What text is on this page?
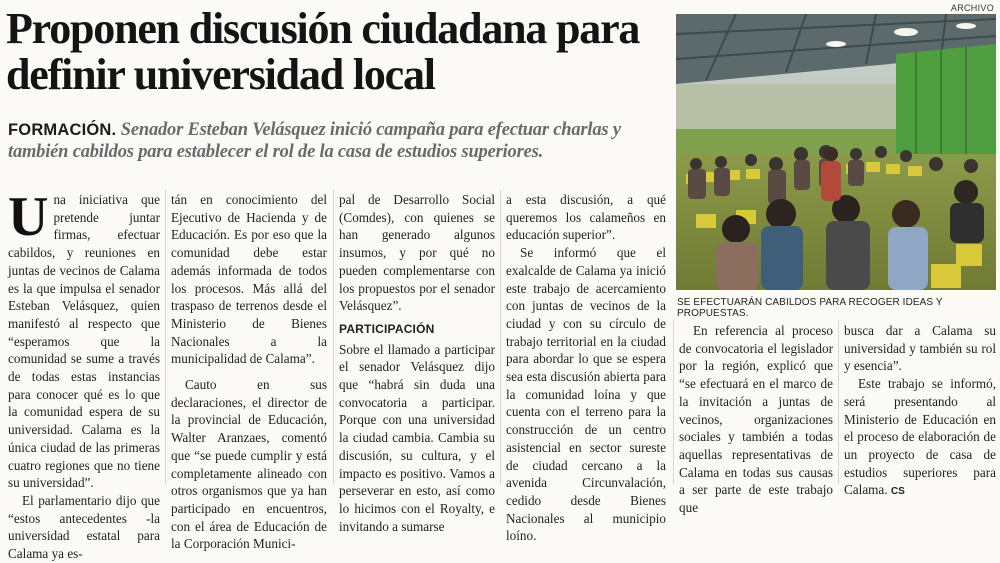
Proponen discusión ciudadana para definir universidad local
FORMACIÓN. Senador Esteban Velásquez inició campaña para efectuar charlas y también cabildos para establecer el rol de la casa de estudios superiores.
ARCHIVO
SE EFECTUARÁN CABILDOS PARA RECOGER IDEAS Y PROPUESTAS.

Una iniciativa que pretende juntar firmas, efectuar cabildos, y reuniones en juntas de vecinos de Calama es la que impulsa el senador Esteban Velásquez, quien manifestó al respecto que “esperamos que la comunidad se sume a través de todas estas instancias para conocer qué es lo que la comunidad espera de su universidad. Calama es la única ciudad de las primeras cuatro regiones que no tiene su universidad”.

El parlamentario dijo que “estos antecedentes -la universidad estatal para Calama ya es-

tán en conocimiento del Ejecutivo de Hacienda y de Educación. Es por eso que la comunidad debe estar además informada de todos los procesos. Más allá del traspaso de terrenos desde el Ministerio de Bienes Nacionales a la municipalidad de Calama”.

Cauto en sus declaraciones, el director de la provincial de Educación, Walter Aranzaes, comentó que “se puede cumplir y está completamente alineado con otros organismos que ya han participado en encuentros, con el área de Educación de la Corporación Munici-

pal de Desarrollo Social (Comdes), con quienes se han generado algunos insumos, y por qué no pueden complementarse con los propuestos por el senador Velásquez”.

PARTICIPACIÓN

Sobre el llamado a participar el senador Velásquez dijo que “habrá sin duda una convocatoria a participar. Porque con una universidad la ciudad cambia. Cambia su discusión, su cultura, y el impacto es positivo. Vamos a perseverar en esto, así como lo hicimos con el Royalty, e invitando a sumarse

a esta discusión, a qué queremos los calameños en educación superior”.

Se informó que el exalcalde de Calama ya inició este trabajo de acercamiento con juntas de vecinos de la ciudad y con su círculo de trabajo territorial en la ciudad para abordar lo que se espera sea esta discusión abierta para la comunidad loína y que cuenta con el terreno para la construcción de un centro asistencial en sector sureste de ciudad cercano a la avenida Circunvalación, cedido desde Bienes Nacionales al municipio loíno.

En referencia al proceso de convocatoria el legislador por la región, explicó que “se efectuará en el marco de la invitación a juntas de vecinos, organizaciones sociales y también a todas aquellas representativas de Calama en todas sus causas a ser parte de este trabajo que

busca dar a Calama su universidad y también su rol y esencia”.

Este trabajo se informó, será presentando al Ministerio de Educación en el proceso de elaboración de un proyecto de casa de estudios superiores para Calama. CS
